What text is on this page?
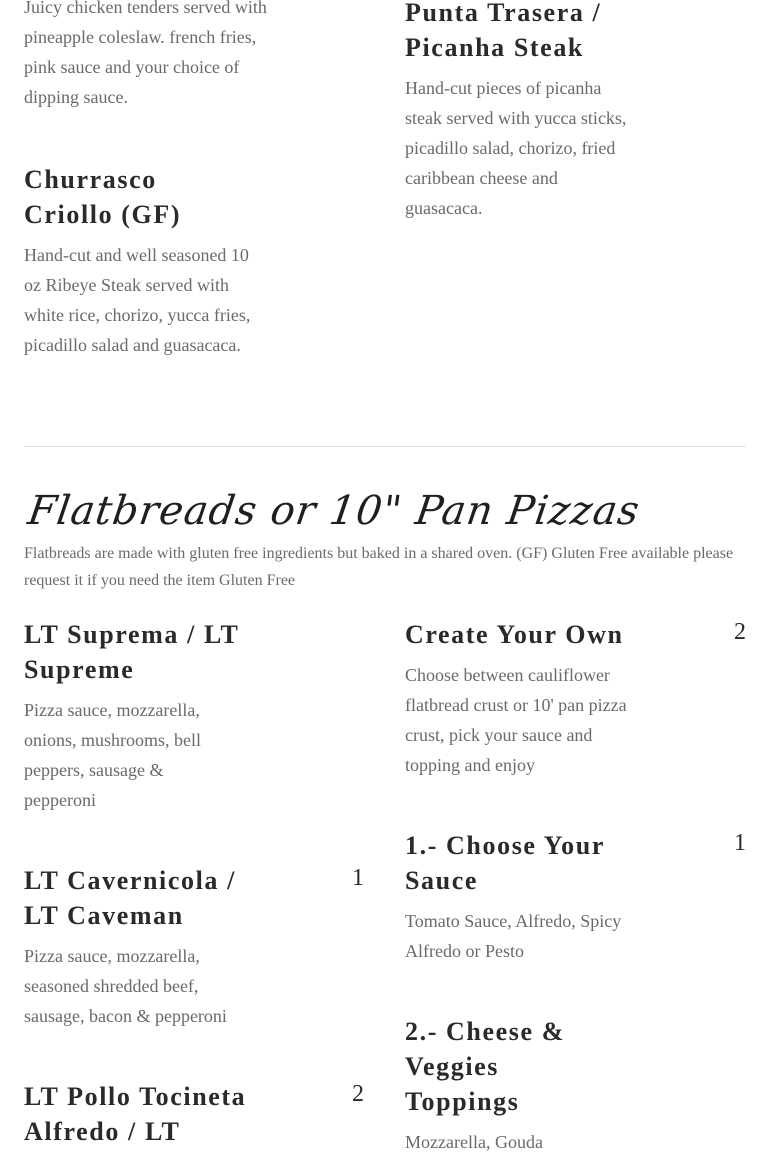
Juicy chicken tenders served with pineapple coleslaw. french fries, pink sauce and your choice of dipping sauce.

Punta Trasera / Picanha Steak

Hand-cut pieces of picanha steak served with yucca sticks, picadillo salad, chorizo, fried caribbean cheese and guasacaca.

Churrasco Criollo (GF)

Hand-cut and well seasoned 10 oz Ribeye Steak served with white rice, chorizo, yucca fries, picadillo salad and guasacaca.

Flatbreads or 10" Pan Pizzas

Flatbreads are made with gluten free ingredients but baked in a shared oven. (GF) Gluten Free available please request it if you need the item Gluten Free

LT Suprema / LT Supreme

Pizza sauce, mozzarella, onions, mushrooms, bell peppers, sausage & pepperoni

Create Your Own

Choose between cauliflower flatbread crust or 10' pan pizza crust, pick your sauce and topping and enjoy

2
1.- Choose Your Sauce

Tomato Sauce, Alfredo, Spicy Alfredo or Pesto

1
LT Cavernicola / LT Caveman

Pizza sauce, mozzarella, seasoned shredded beef, sausage, bacon & pepperoni

1
2.- Cheese & Veggies Toppings

Mozzarella, Gouda

LT Pollo Tocineta Alfredo / LT
2
